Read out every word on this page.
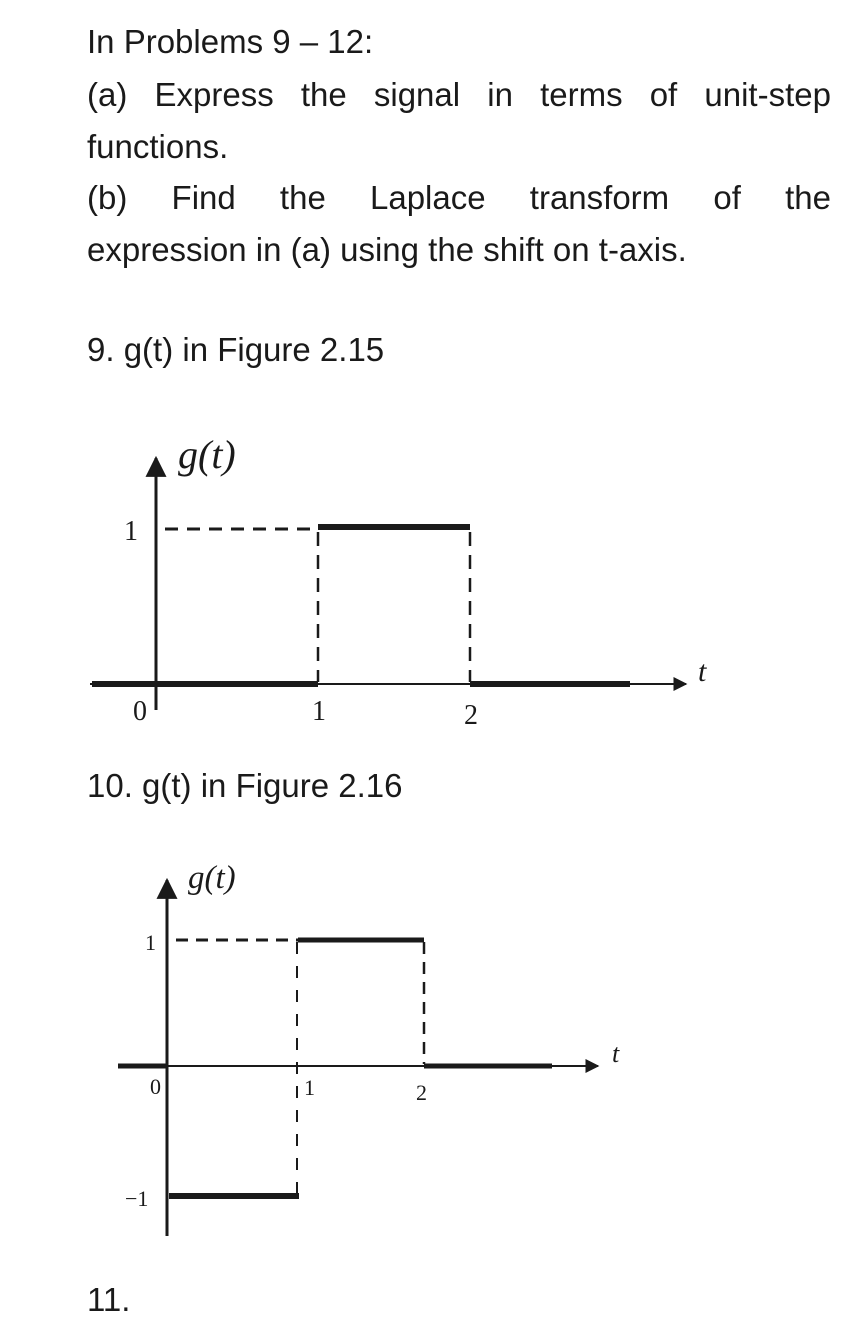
In Problems 9 – 12:
(a) Express the signal in terms of unit-step
functions.
(b) Find the Laplace transform of the
expression in (a) using the shift on t-axis.
9. g(t) in Figure 2.15
g(t)
t
1
0	1	2
10. g(t) in Figure 2.16
g(t)
t
1
−1
0	1	2
11.
